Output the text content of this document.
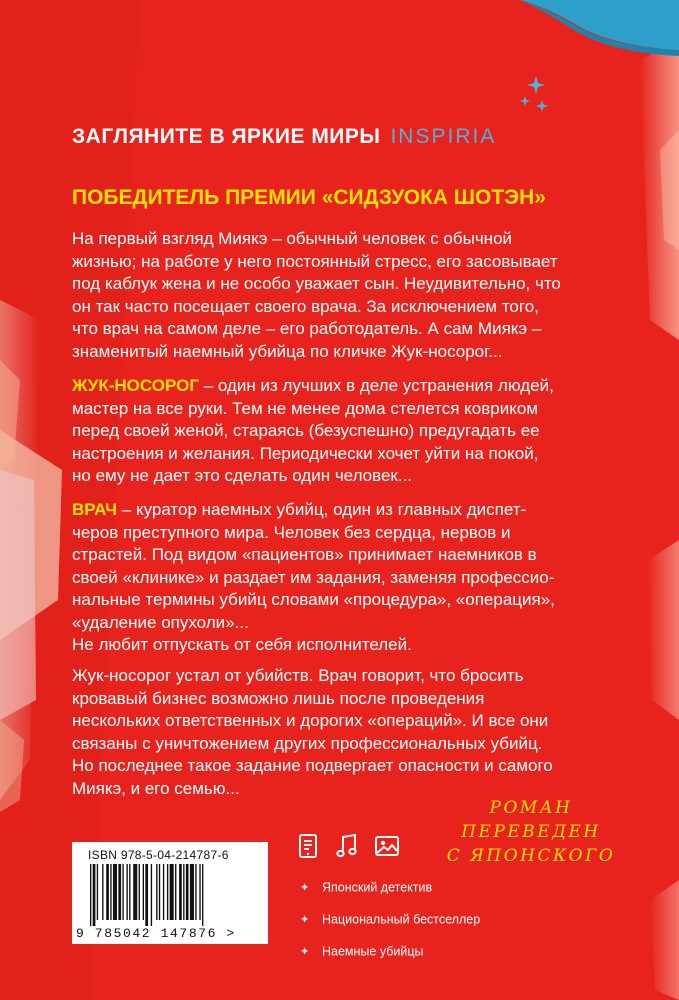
ЗАГЛЯНИТЕ В ЯРКИЕ МИРЫ INSPIRIA
ПОБЕДИТЕЛЬ ПРЕМИИ «СИДЗУОКА ШОТЭН»

На первый взгляд Миякэ – обычный человек с обычной
жизнью; на работе у него постоянный стресс, его засовывает
под каблук жена и не особо уважает сын. Неудивительно, что
он так часто посещает своего врача. За исключением того,
что врач на самом деле – его работодатель. А сам Миякэ –
знаменитый наемный убийца по кличке Жук-носорог...

ЖУК-НОСОРОГ – один из лучших в деле устранения людей,
мастер на все руки. Тем не менее дома стелется ковриком
перед своей женой, стараясь (безуспешно) предугадать ее
настроения и желания. Периодически хочет уйти на покой,
но ему не дает это сделать один человек...

ВРАЧ – куратор наемных убийц, один из главных диспет-
черов преступного мира. Человек без сердца, нервов и
страстей. Под видом «пациентов» принимает наемников в
своей «клинике» и раздает им задания, заменяя профессио-
нальные термины убийц словами «процедура», «операция»,
«удаление опухоли»...
Не любит отпускать от себя исполнителей.

Жук-носорог устал от убийств. Врач говорит, что бросить
кровавый бизнес возможно лишь после проведения
нескольких ответственных и дорогих «операций». И все они
связаны с уничтожением других профессиональных убийц.
Но последнее такое задание подвергает опасности и самого
Миякэ, и его семью...

РОМАН ПЕРЕВЕДЕН
С ЯПОНСКОГО
ISBN 978-5-04-214787-6
9 785042 147876 >
✦ Японский детектив
✦ Национальный бестселлер
✦ Наемные убийцы
